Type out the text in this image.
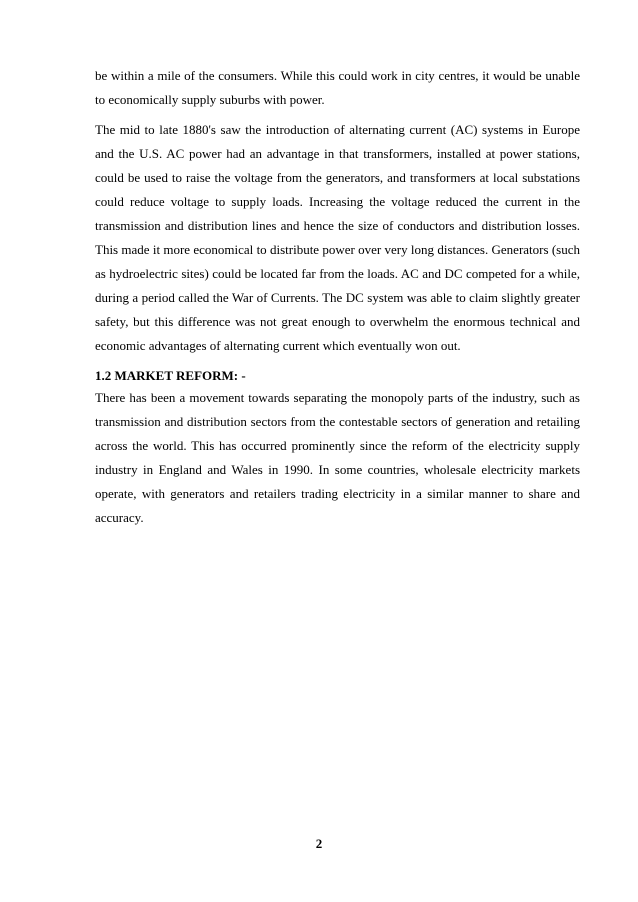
be within a mile of the consumers. While this could work in city centres, it would be unable to economically supply suburbs with power.

The mid to late 1880's saw the introduction of alternating current (AC) systems in Europe and the U.S. AC power had an advantage in that transformers, installed at power stations, could be used to raise the voltage from the generators, and transformers at local substations could reduce voltage to supply loads. Increasing the voltage reduced the current in the transmission and distribution lines and hence the size of conductors and distribution losses. This made it more economical to distribute power over very long distances. Generators (such as hydroelectric sites) could be located far from the loads. AC and DC competed for a while, during a period called the War of Currents. The DC system was able to claim slightly greater safety, but this difference was not great enough to overwhelm the enormous technical and economic advantages of alternating current which eventually won out.

1.2 MARKET REFORM: -

There has been a movement towards separating the monopoly parts of the industry, such as transmission and distribution sectors from the contestable sectors of generation and retailing across the world. This has occurred prominently since the reform of the electricity supply industry in England and Wales in 1990. In some countries, wholesale electricity markets operate, with generators and retailers trading electricity in a similar manner to share and accuracy.

2
